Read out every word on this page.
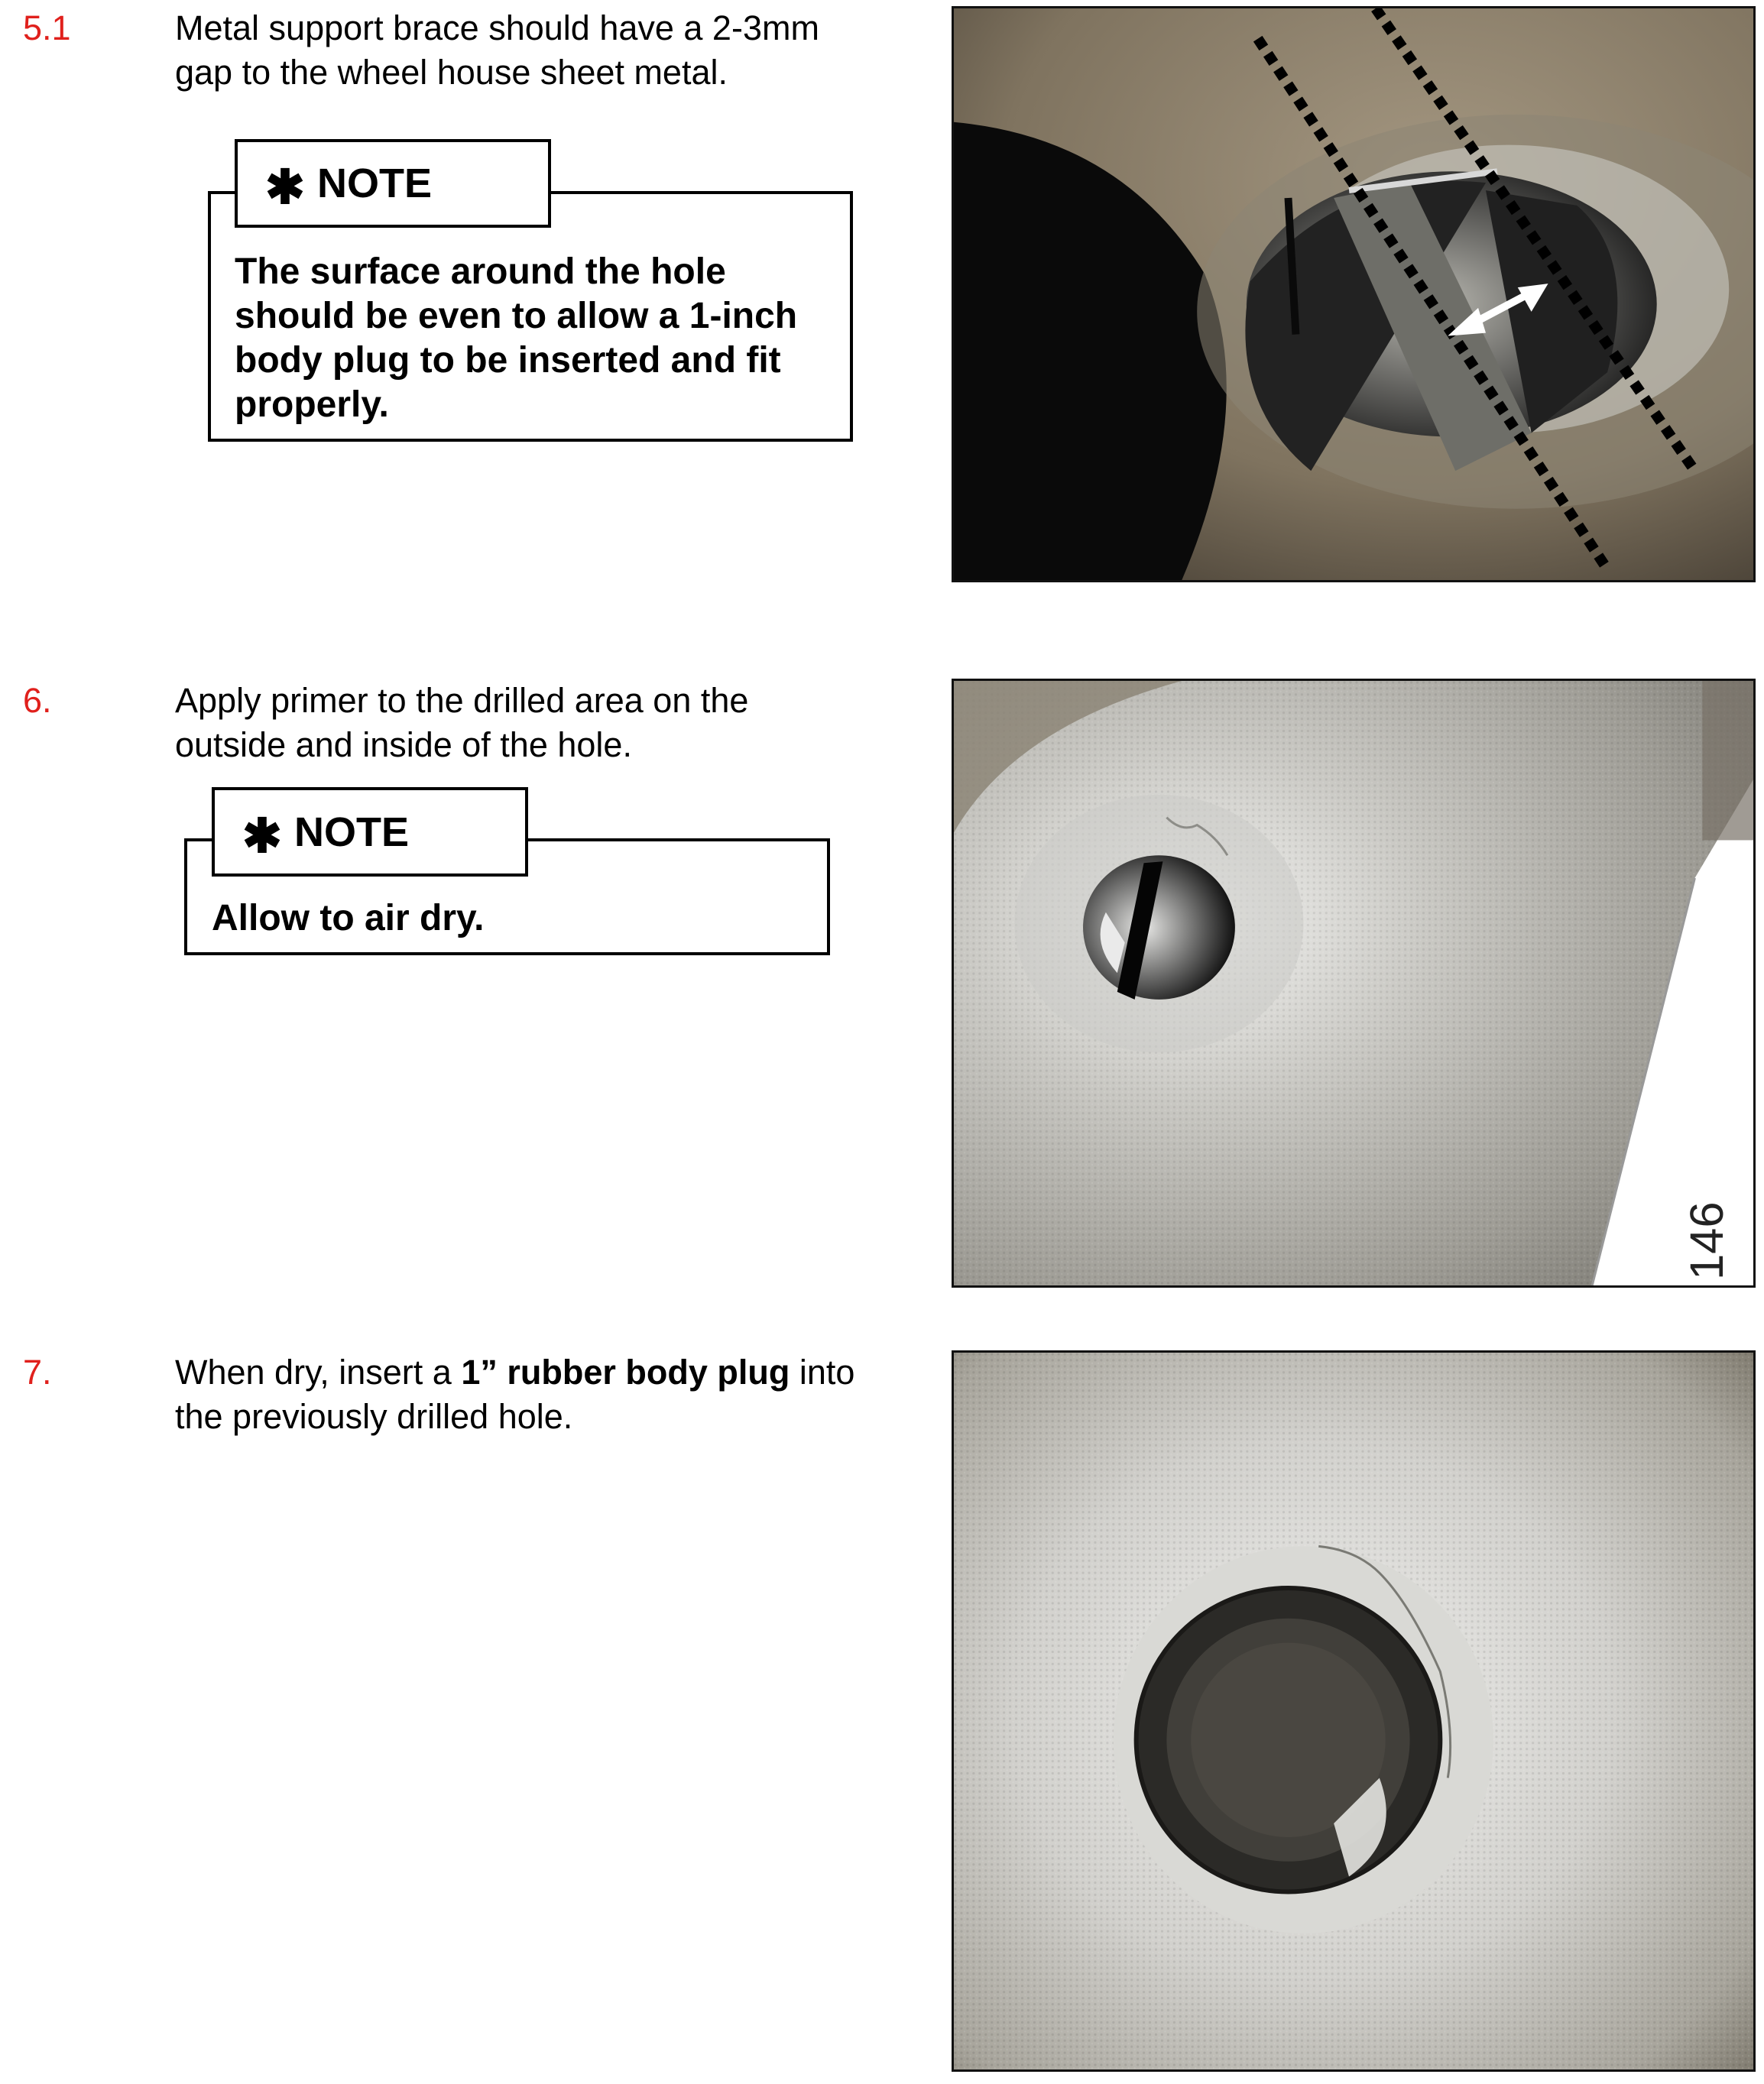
5.1	Metal support brace should have a 2-3mm
gap to the wheel house sheet metal.
✱ NOTE
The surface around the hole
should be even to allow a 1-inch
body plug to be inserted and fit
properly.
6.	Apply primer to the drilled area on the
outside and inside of the hole.
✱ NOTE
Allow to air dry.
146
7.	When dry, insert a 1” rubber body plug into
the previously drilled hole.
